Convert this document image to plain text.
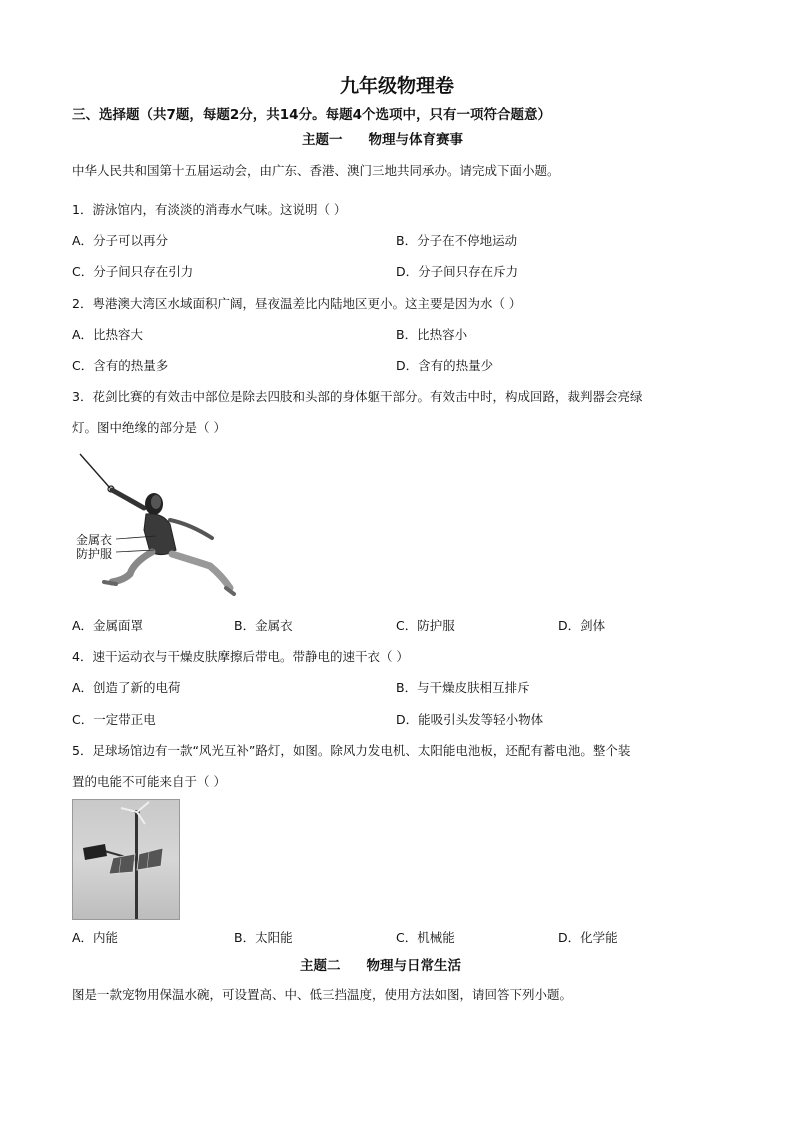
九年级物理卷
三、选择题（共7题，每题2分，共14分。每题4个选项中，只有一项符合题意）
主题一 物理与体育赛事
中华人民共和国第十五届运动会，由广东、香港、澳门三地共同承办。请完成下面小题。
1．游泳馆内，有淡淡的消毒水气味。这说明（ ）
A．分子可以再分	B．分子在不停地运动
C．分子间只存在引力	D．分子间只存在斥力
2．粤港澳大湾区水域面积广阔，昼夜温差比内陆地区更小。这主要是因为水（ ）
A．比热容大	B．比热容小
C．含有的热量多	D．含有的热量少
3．花剑比赛的有效击中部位是除去四肢和头部的身体躯干部分。有效击中时，构成回路，裁判器会亮绿
灯。图中绝缘的部分是（ ）
金属衣
防护服
A．金属面罩	B．金属衣	C．防护服	D．剑体
4．速干运动衣与干燥皮肤摩擦后带电。带静电的速干衣（ ）
A．创造了新的电荷	B．与干燥皮肤相互排斥
C．一定带正电	D．能吸引头发等轻小物体
5．足球场馆边有一款“风光互补”路灯，如图。除风力发电机、太阳能电池板，还配有蓄电池。整个装
置的电能不可能来自于（ ）
A．内能	B．太阳能	C．机械能	D．化学能
主题二 物理与日常生活
图是一款宠物用保温水碗，可设置高、中、低三挡温度，使用方法如图，请回答下列小题。
